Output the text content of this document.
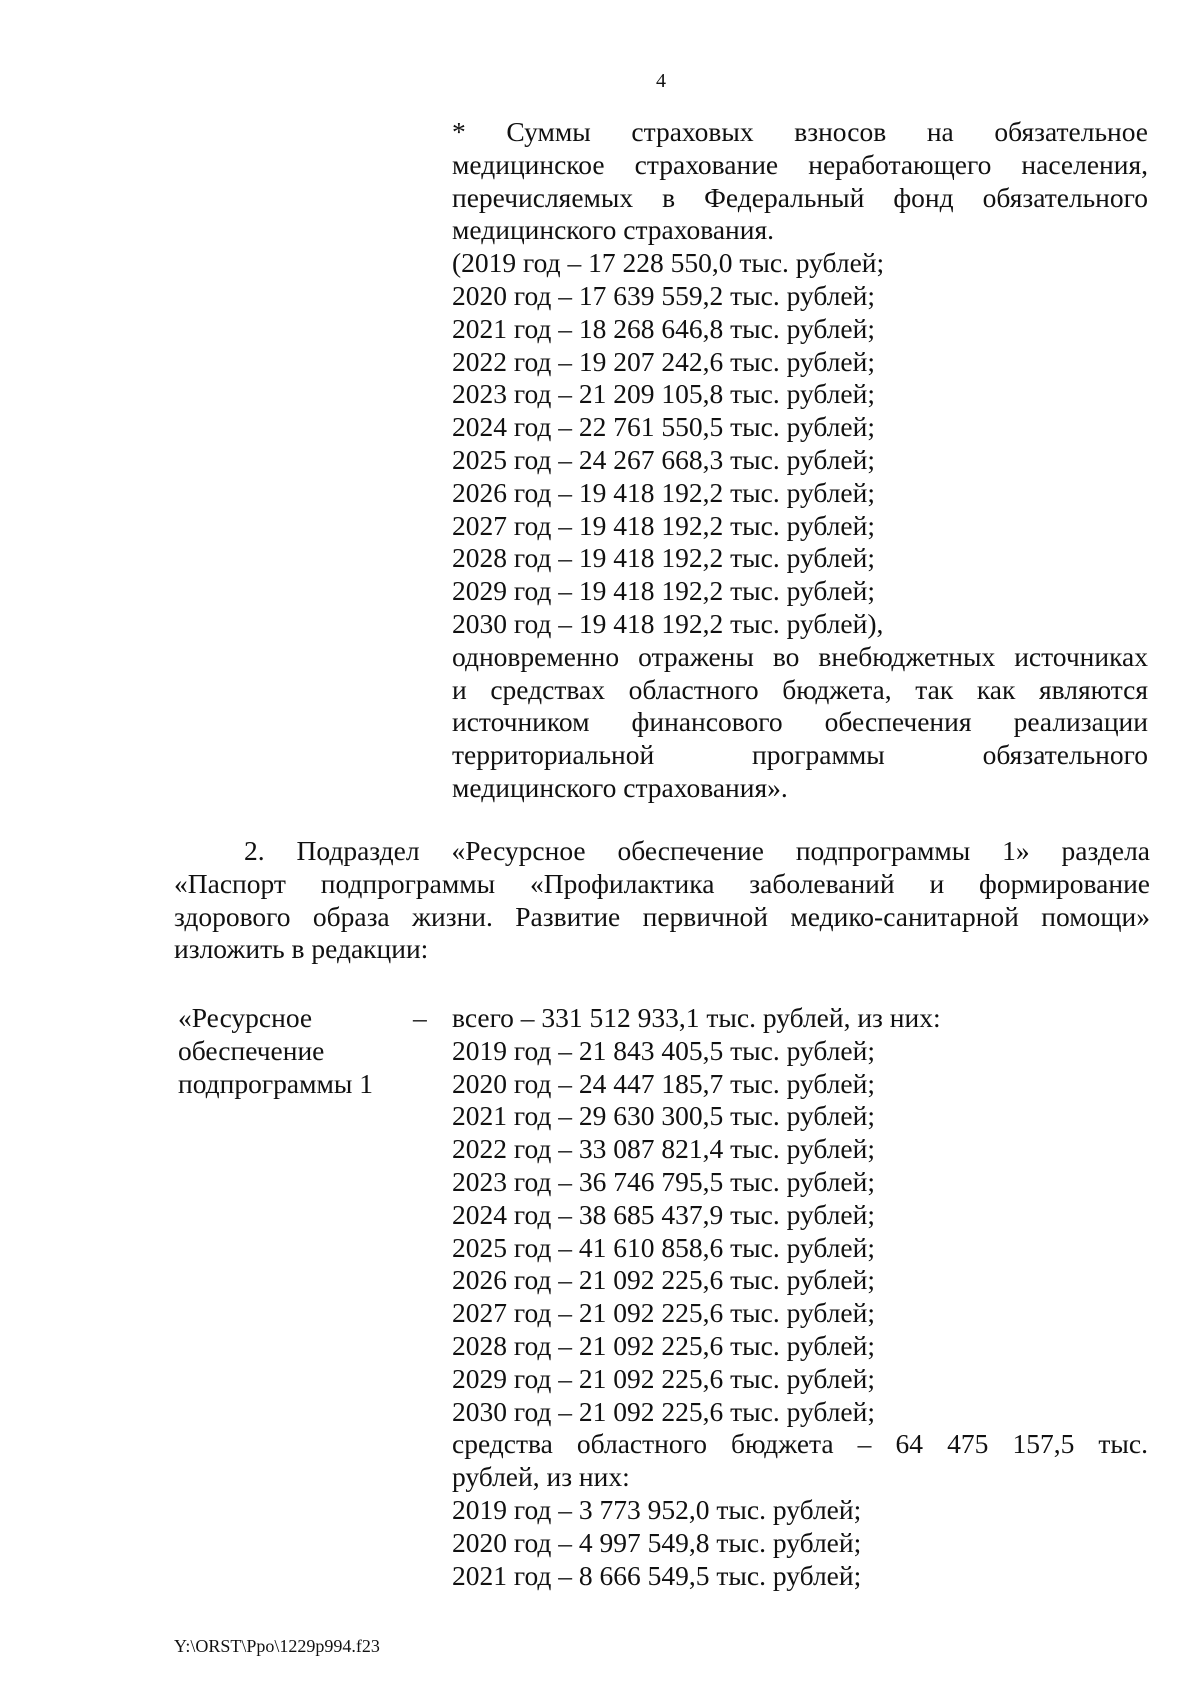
4
* Суммы страховых взносов на обязательное
медицинское страхование неработающего населения,
перечисляемых в Федеральный фонд обязательного
медицинского страхования.
(2019 год – 17 228 550,0 тыс. рублей;
2020 год – 17 639 559,2 тыс. рублей;
2021 год – 18 268 646,8 тыс. рублей;
2022 год – 19 207 242,6 тыс. рублей;
2023 год – 21 209 105,8 тыс. рублей;
2024 год – 22 761 550,5 тыс. рублей;
2025 год – 24 267 668,3 тыс. рублей;
2026 год – 19 418 192,2 тыс. рублей;
2027 год – 19 418 192,2 тыс. рублей;
2028 год – 19 418 192,2 тыс. рублей;
2029 год – 19 418 192,2 тыс. рублей;
2030 год – 19 418 192,2 тыс. рублей),
одновременно отражены во внебюджетных источниках
и средствах областного бюджета, так как являются
источником финансового обеспечения реализации
территориальной программы обязательного
медицинского страхования».
2. Подраздел «Ресурсное обеспечение подпрограммы 1» раздела
«Паспорт подпрограммы «Профилактика заболеваний и формирование
здорового образа жизни. Развитие первичной медико-санитарной помощи»
изложить в редакции:
«Ресурсное
обеспечение
подпрограммы 1
– всего – 331 512 933,1 тыс. рублей, из них:
2019 год – 21 843 405,5 тыс. рублей;
2020 год – 24 447 185,7 тыс. рублей;
2021 год – 29 630 300,5 тыс. рублей;
2022 год – 33 087 821,4 тыс. рублей;
2023 год – 36 746 795,5 тыс. рублей;
2024 год – 38 685 437,9 тыс. рублей;
2025 год – 41 610 858,6 тыс. рублей;
2026 год – 21 092 225,6 тыс. рублей;
2027 год – 21 092 225,6 тыс. рублей;
2028 год – 21 092 225,6 тыс. рублей;
2029 год – 21 092 225,6 тыс. рублей;
2030 год – 21 092 225,6 тыс. рублей;
средства областного бюджета – 64 475 157,5 тыс.
рублей, из них:
2019 год – 3 773 952,0 тыс. рублей;
2020 год – 4 997 549,8 тыс. рублей;
2021 год – 8 666 549,5 тыс. рублей;
Y:\ORST\Ppo\1229p994.f23
